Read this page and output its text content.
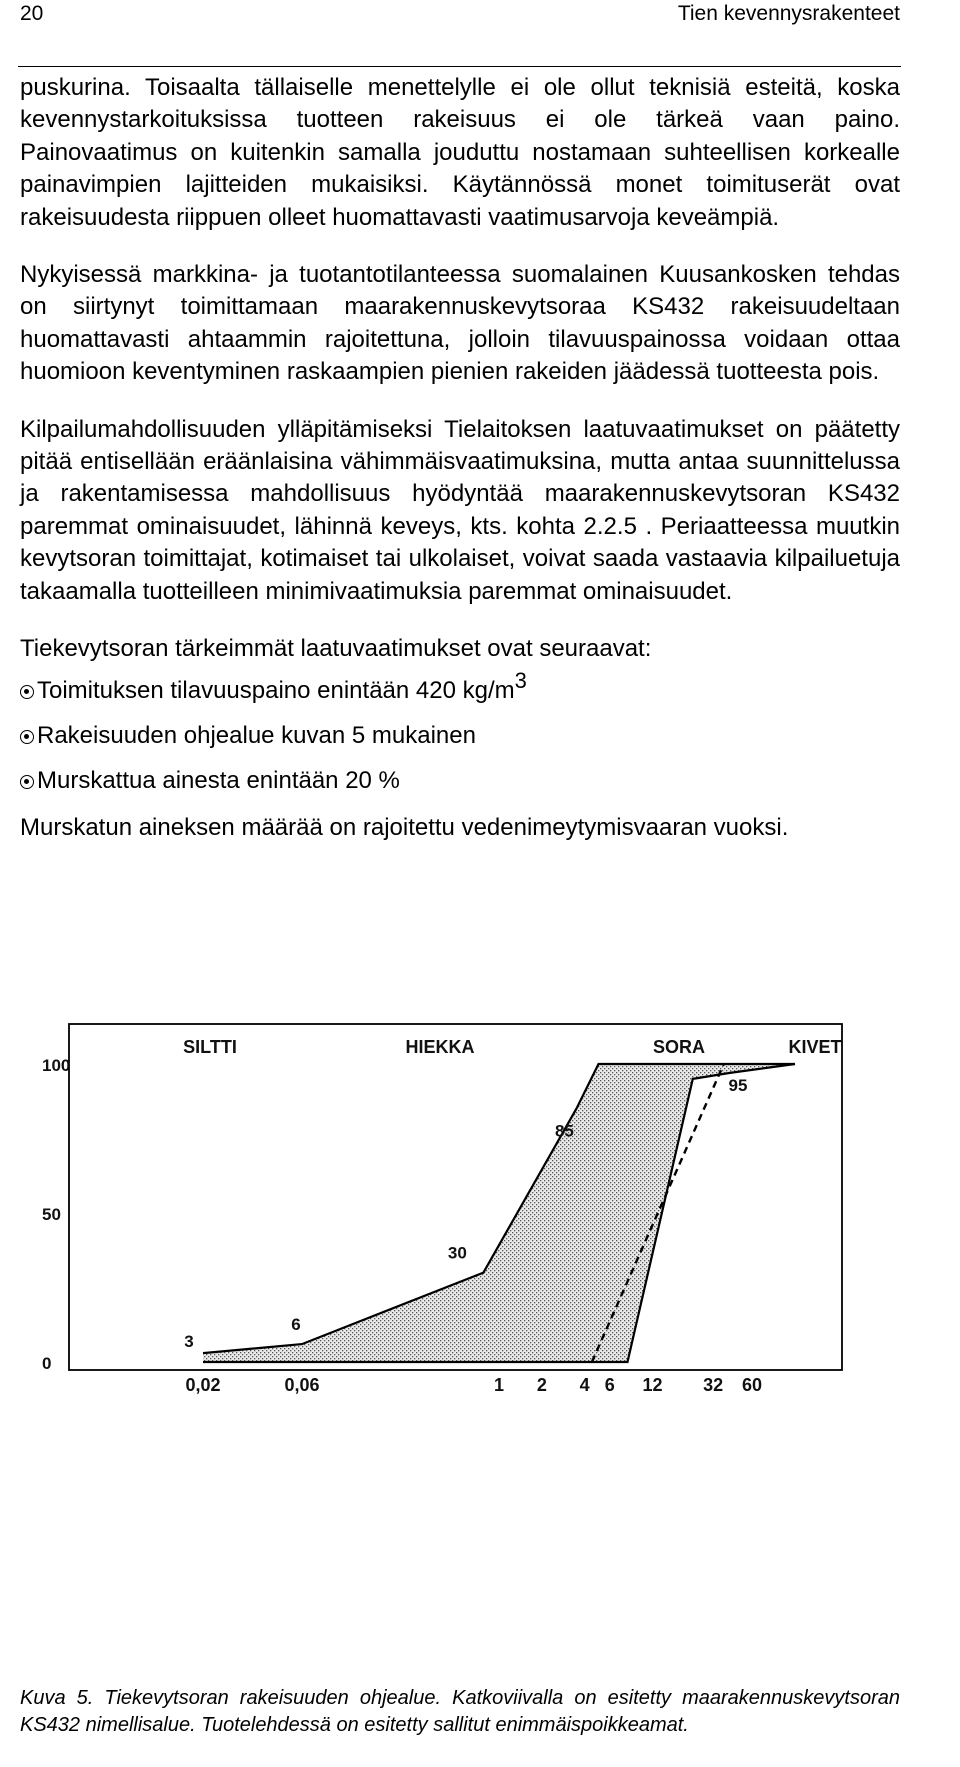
20	Tien kevennysrakenteet

puskurina. Toisaalta tällaiselle menettelylle ei ole ollut teknisiä esteitä, koska kevennystarkoituksissa tuotteen rakeisuus ei ole tärkeä vaan paino. Painovaatimus on kuitenkin samalla jouduttu nostamaan suhteellisen korkealle painavimpien lajitteiden mukaisiksi. Käytännössä monet toimituserät ovat rakeisuudesta riippuen olleet huomattavasti vaatimusarvoja keveämpiä.

Nykyisessä markkina- ja tuotantotilanteessa suomalainen Kuusankosken tehdas on siirtynyt toimittamaan maarakennuskevytsoraa KS432 rakeisuudeltaan huomattavasti ahtaammin rajoitettuna, jolloin tilavuuspainossa voidaan ottaa huomioon keventyminen raskaampien pienien rakeiden jäädessä tuotteesta pois.

Kilpailumahdollisuuden ylläpitämiseksi Tielaitoksen laatuvaatimukset on päätetty pitää entisellään eräänlaisina vähimmäisvaatimuksina, mutta antaa suunnittelussa ja rakentamisessa mahdollisuus hyödyntää maarakennuskevytsoran KS432 paremmat ominaisuudet, lähinnä keveys, kts. kohta 2.2.5 . Periaatteessa muutkin kevytsoran toimittajat, kotimaiset tai ulkolaiset, voivat saada vastaavia kilpailuetuja takaamalla tuotteilleen minimivaatimuksia paremmat ominaisuudet.

Tiekevytsoran tärkeimmät laatuvaatimukset ovat seuraavat:

Toimituksen tilavuuspaino enintään 420 $kg/m^3$
Rakeisuuden ohjealue kuvan 5 mukainen
Murskattua ainesta enintään 20 %

Murskatun aineksen määrää on rajoitettu vedenimeytymisvaaran vuoksi.

0
50
100
0,02	0,06	1 2 4 6 12 32 60
SILTTI	HIEKKA	SORA	KIVET
3
6
30
85
95
Kuva 5. Tiekevytsoran rakeisuuden ohjealue. Katkoviivalla on esitetty maarakennuskevytsoran KS432 nimellisalue. Tuotelehdessä on esitetty sallitut enimmäispoikkeamat.
